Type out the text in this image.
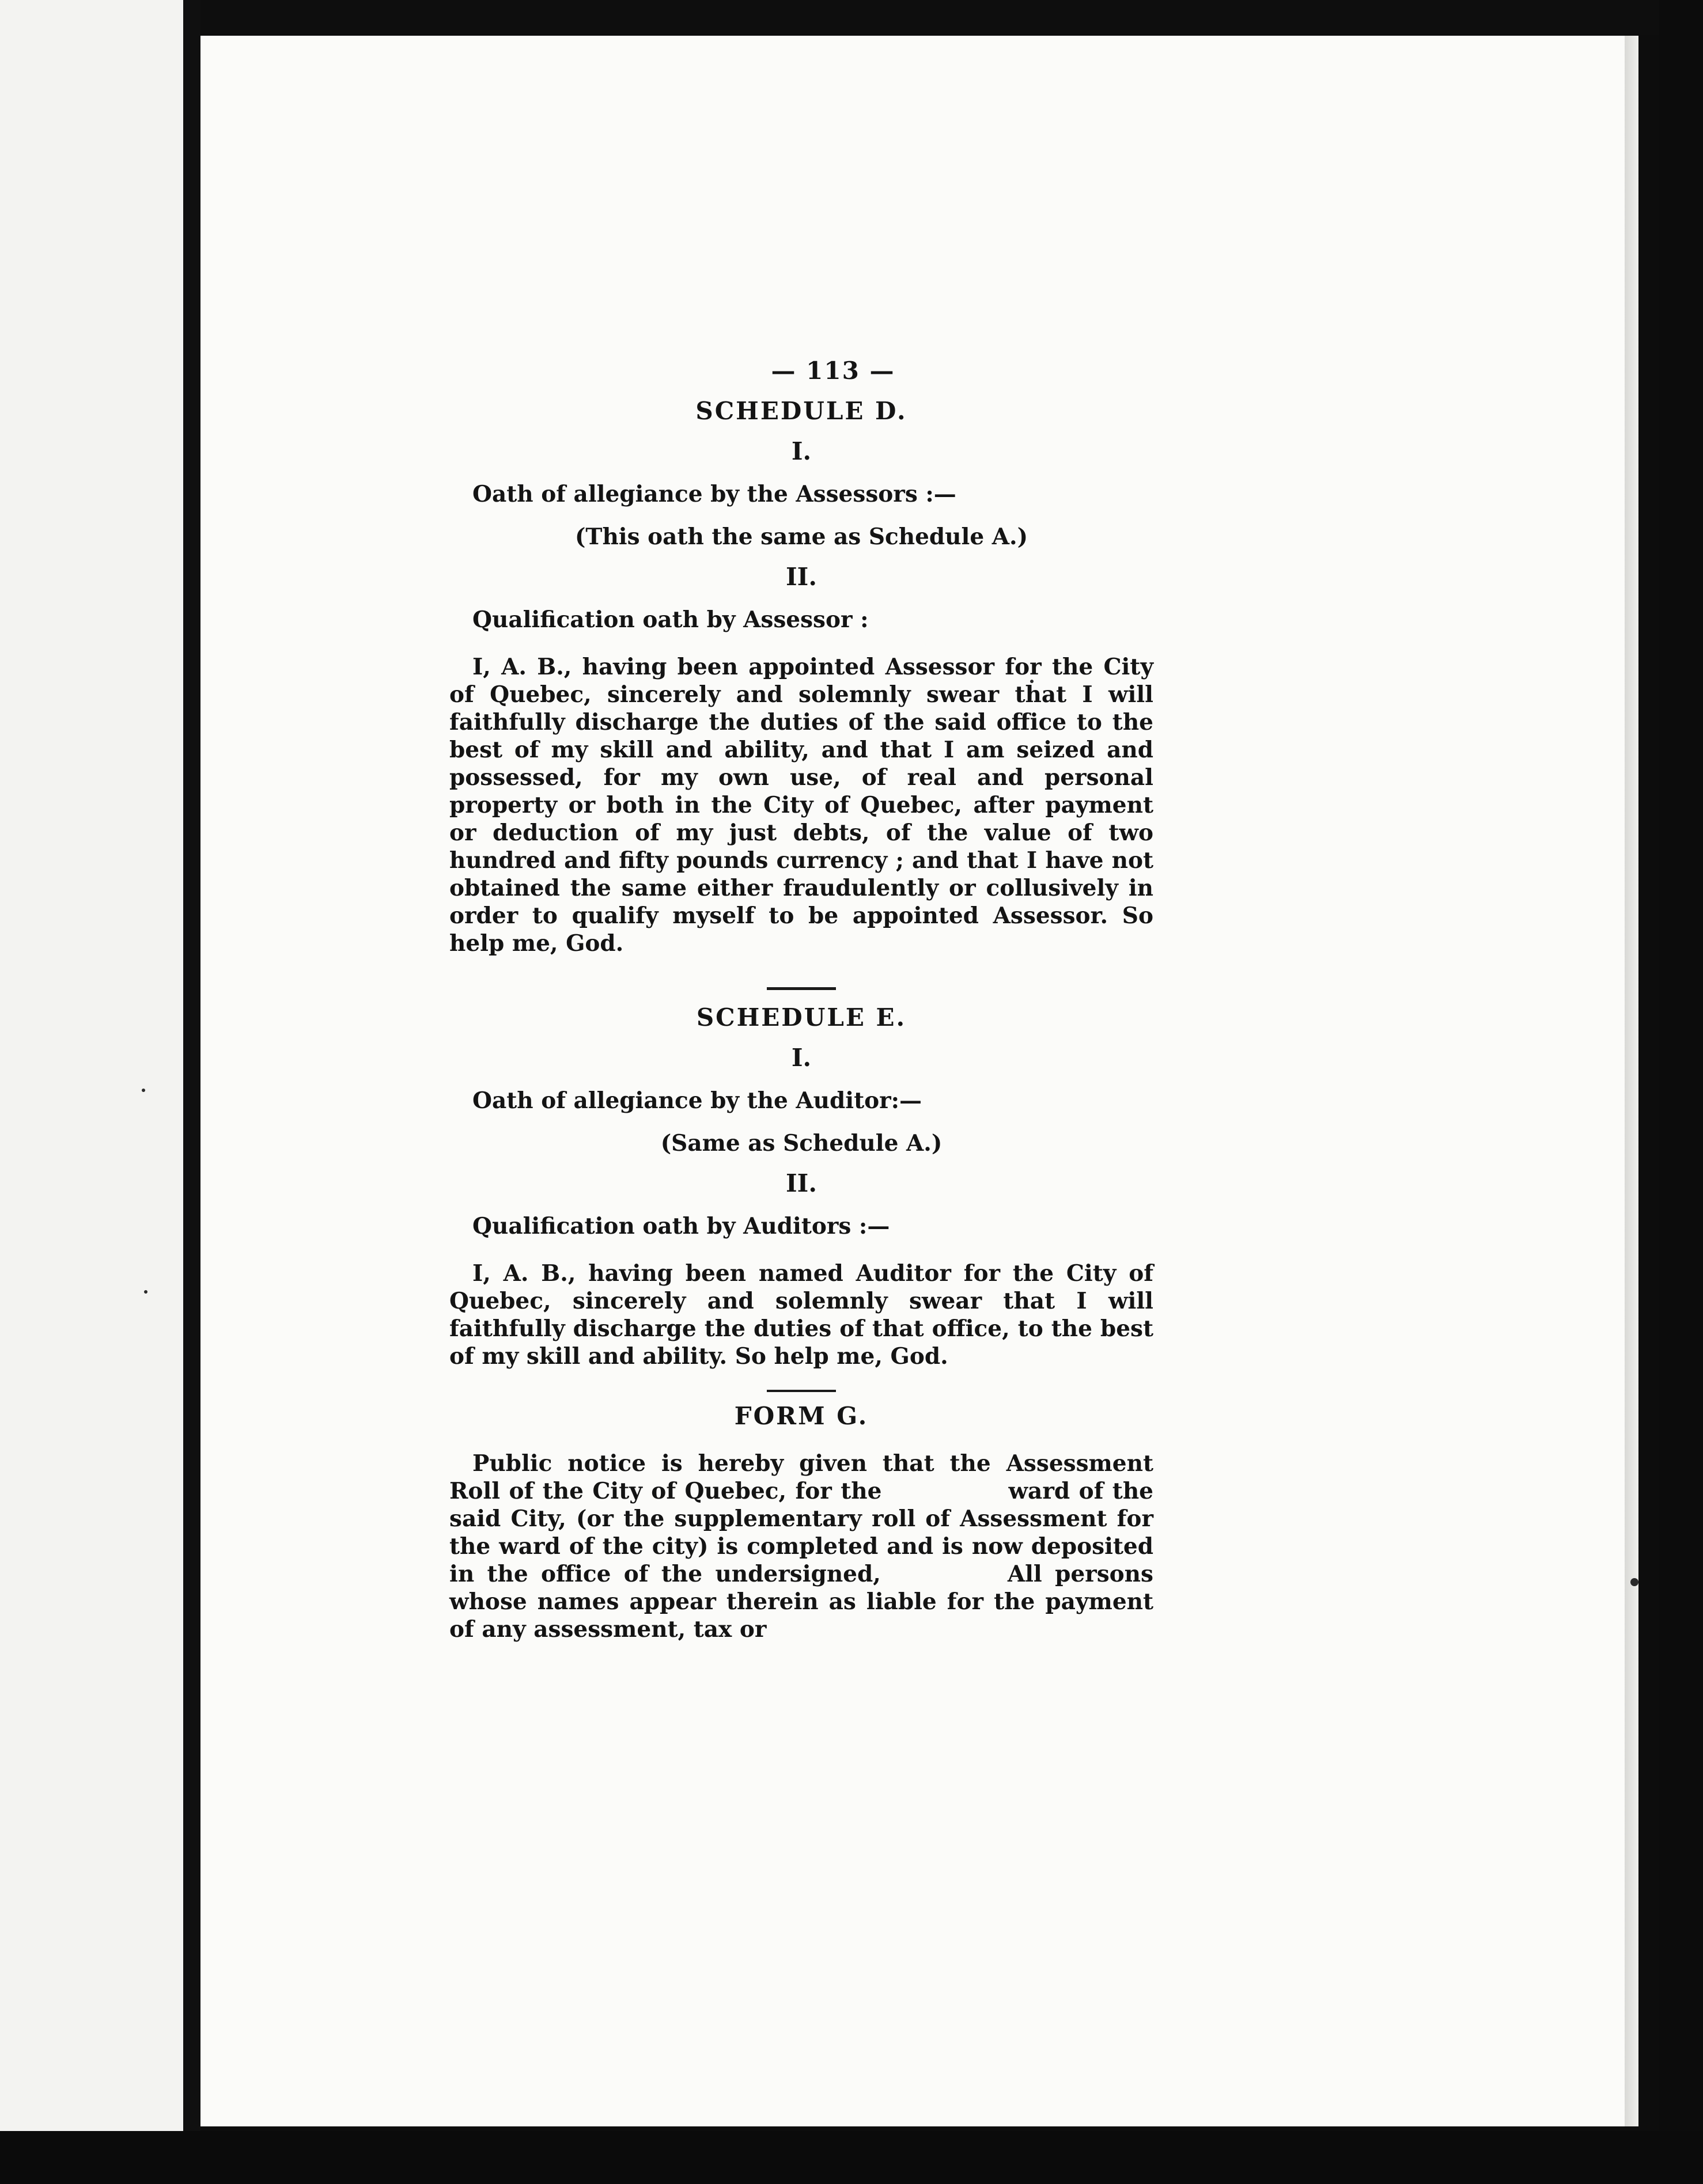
— 113 —
SCHEDULE D.
I.
Oath of allegiance by the Assessors :—
(This oath the same as Schedule A.)
II.
Qualification oath by Assessor :

I, A. B., having been appointed Assessor for the City of Quebec, sincerely and solemnly swear that I will faithfully discharge the duties of the said office to the best of my skill and ability, and that I am seized and possessed, for my own use, of real and personal property or both in the City of Quebec, after payment or deduction of my just debts, of the value of two hundred and fifty pounds currency ; and that I have not obtained the same either fraudulently or collusively in order to qualify myself to be appointed Assessor. So help me, God.

SCHEDULE E.
I.
Oath of allegiance by the Auditor:—
(Same as Schedule A.)
II.
Qualification oath by Auditors :—

I, A. B., having been named Auditor for the City of Quebec, sincerely and solemnly swear that I will faithfully discharge the duties of that office, to the best of my skill and ability. So help me, God.

FORM G.

Public notice is hereby given that the Assessment Roll of the City of Quebec, for the	ward of the said City, (or the supplementary roll of Assessment for the ward of the city) is completed and is now deposited in the office of the undersigned,	All persons whose names appear therein as liable for the payment of any assessment, tax or
